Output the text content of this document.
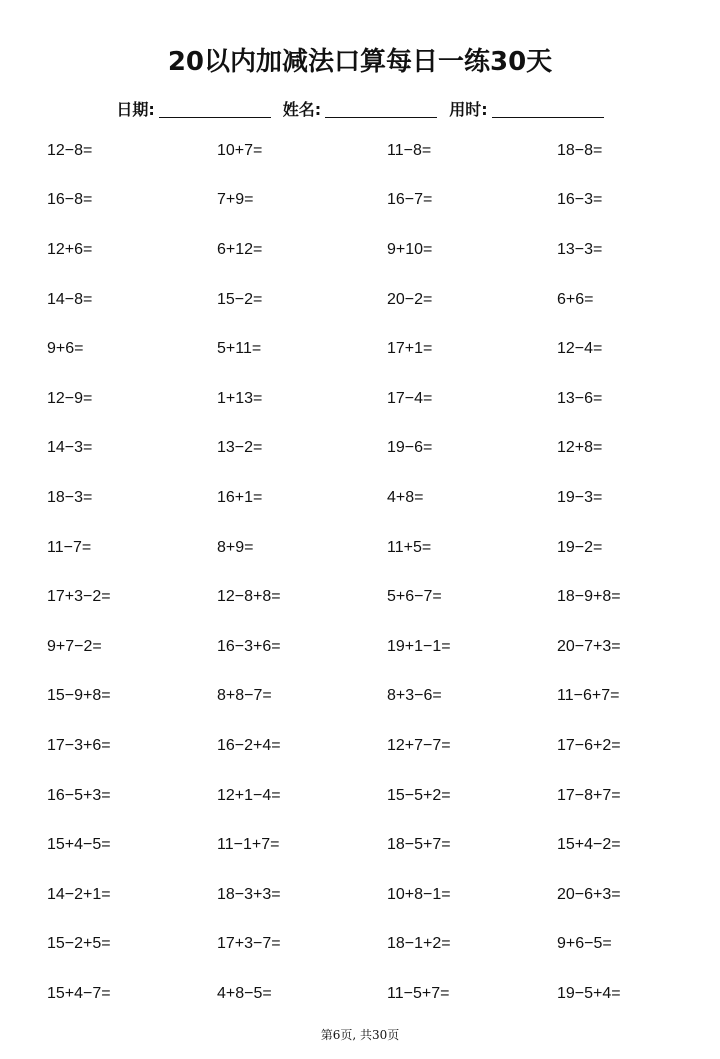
20以内加减法口算每日一练30天
日期:	姓名:	用时:
12−8=	10+7=	11−8=	18−8=
16−8=	7+9=	16−7=	16−3=
12+6=	6+12=	9+10=	13−3=
14−8=	15−2=	20−2=	6+6=
9+6=	5+11=	17+1=	12−4=
12−9=	1+13=	17−4=	13−6=
14−3=	13−2=	19−6=	12+8=
18−3=	16+1=	4+8=	19−3=
11−7=	8+9=	11+5=	19−2=
17+3−2=	12−8+8=	5+6−7=	18−9+8=
9+7−2=	16−3+6=	19+1−1=	20−7+3=
15−9+8=	8+8−7=	8+3−6=	11−6+7=
17−3+6=	16−2+4=	12+7−7=	17−6+2=
16−5+3=	12+1−4=	15−5+2=	17−8+7=
15+4−5=	11−1+7=	18−5+7=	15+4−2=
14−2+1=	18−3+3=	10+8−1=	20−6+3=
15−2+5=	17+3−7=	18−1+2=	9+6−5=
15+4−7=	4+8−5=	11−5+7=	19−5+4=
第6页, 共30页
